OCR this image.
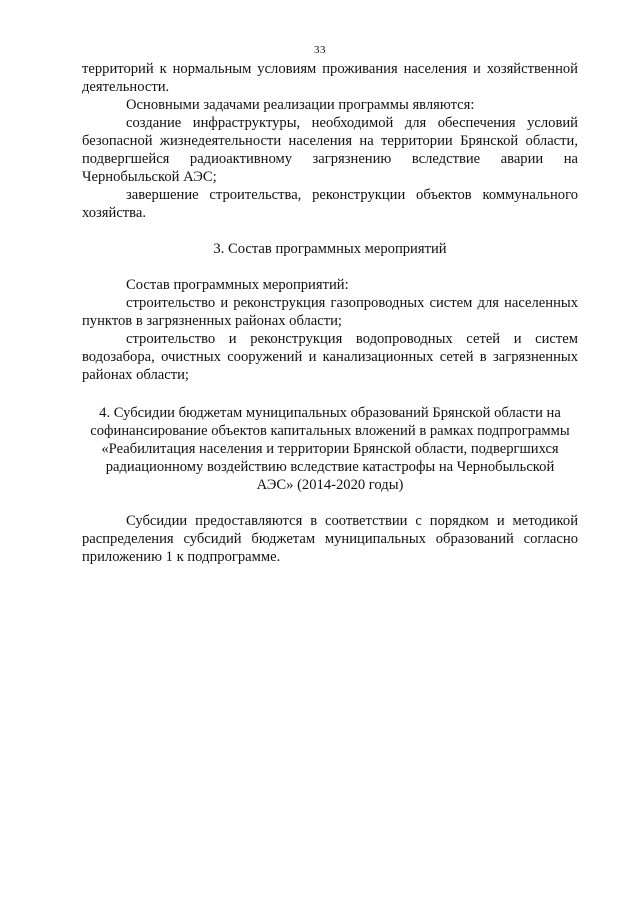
33

территорий к нормальным условиям проживания населения и хозяйственной деятельности.

Основными задачами реализации программы являются:

создание инфраструктуры, необходимой для обеспечения условий безопасной жизнедеятельности населения на территории Брянской области, подвергшейся радиоактивному загрязнению вследствие аварии на Чернобыльской АЭС;

завершение строительства, реконструкции объектов коммунального хозяйства.

3. Состав программных мероприятий

Состав программных мероприятий:

строительство и реконструкция газопроводных систем для населенных пунктов в загрязненных районах области;

строительство и реконструкция водопроводных сетей и систем водозабора, очистных сооружений и канализационных сетей в загрязненных районах области;

4. Субсидии бюджетам муниципальных образований Брянской области на
софинансирование объектов капитальных вложений в рамках подпрограммы
«Реабилитация населения и территории Брянской области, подвергшихся
радиационному воздействию вследствие катастрофы на Чернобыльской
АЭС» (2014-2020 годы)

Субсидии предоставляются в соответствии с порядком и методикой распределения субсидий бюджетам муниципальных образований согласно приложению 1 к подпрограмме.
